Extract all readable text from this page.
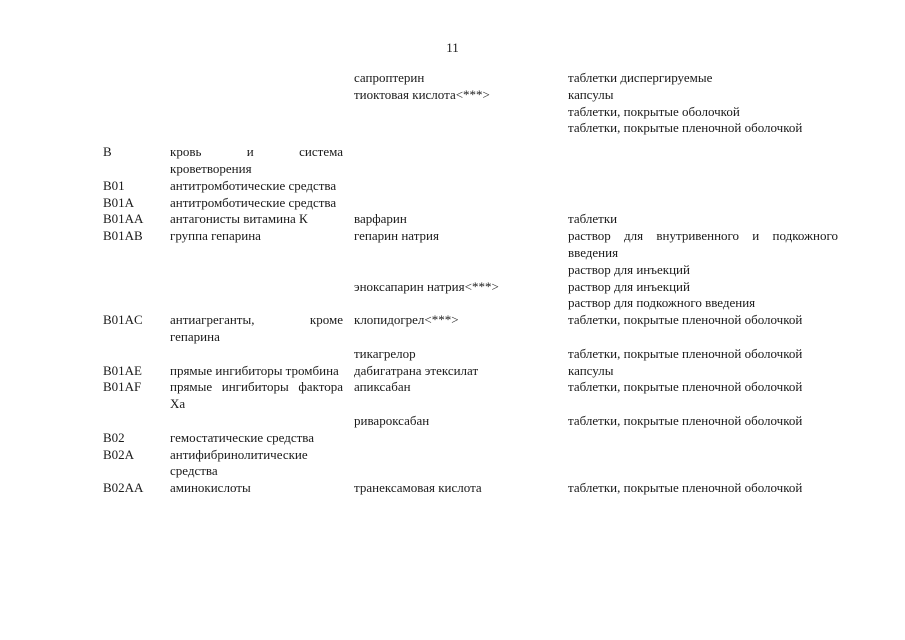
11
			сапроптерин		таблетки диспергируемые

			тиоктовая кислота<***>		капсулы
таблетки, покрытые оболочкой
таблетки, покрытые пленочной оболочкой

B	кровь и система кроветворения				
B01	антитромботические средства				
B01A	антитромботические средства				
B01AA	антагонисты витамина К		варфарин		таблетки

B01AB	группа гепарина		гепарин натрия		раствор для внутривенного и подкожного введения
раствор для инъекций

			эноксапарин натрия<***>		раствор для инъекций
раствор для подкожного введения

B01AC	антиагреганты, кроме гепарина		клопидогрел<***>		таблетки, покрытые пленочной оболочкой

			тикагрелор		таблетки, покрытые пленочной оболочкой

B01AE	прямые ингибиторы тромбина		дабигатрана этексилат		капсулы

B01AF	прямые ингибиторы фактора Xa		апиксабан		таблетки, покрытые пленочной оболочкой

			ривароксабан		таблетки, покрытые пленочной оболочкой

B02	гемостатические средства				
B02A	антифибринолитические средства				
B02AA	аминокислоты		транексамовая кислота		таблетки, покрытые пленочной оболочкой
